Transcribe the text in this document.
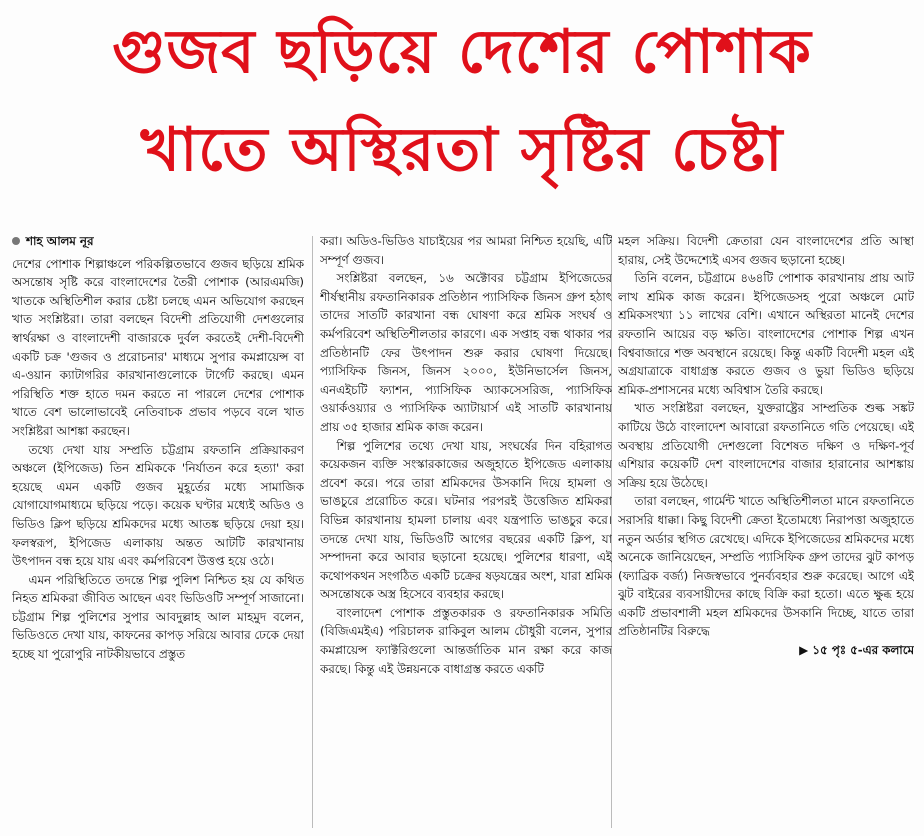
গুজব ছড়িয়ে দেশের পোশাক
খাতে অস্থিরতা সৃষ্টির চেষ্টা
শাহ আলম নূর

দেশের পোশাক শিল্পাঞ্চলে পরিকল্পিতভাবে গুজব ছড়িয়ে শ্রমিক অসন্তোষ সৃষ্টি করে বাংলাদেশের তৈরী পোশাক (আরএমজি) খাতকে অস্থিতিশীল করার চেষ্টা চলছে এমন অভিযোগ করছেন খাত সংশ্লিষ্টরা। তারা বলছেন বিদেশী প্রতিযোগী দেশগুলোর স্বার্থরক্ষা ও বাংলাদেশী বাজারকে দুর্বল করতেই দেশী-বিদেশী একটি চক্র 'গুজব ও প্ররোচনার' মাধ্যমে সুপার কমপ্লায়েন্স বা এ-ওয়ান ক্যাটাগরির কারখানাগুলোকে টার্গেট করছে। এমন পরিস্থিতি শক্ত হাতে দমন করতে না পারলে দেশের পোশাক খাতে বেশ ভালোভাবেই নেতিবাচক প্রভাব পড়বে বলে খাত সংশ্লিষ্টরা আশঙ্কা করছেন।

তথ্যে দেখা যায় সম্প্রতি চট্টগ্রাম রফতানি প্রক্রিয়াকরণ অঞ্চলে (ইপিজেড) তিন শ্রমিককে 'নির্যাতন করে হত্যা' করা হয়েছে এমন একটি গুজব মুহূর্তের মধ্যে সামাজিক যোগাযোগমাধ্যমে ছড়িয়ে পড়ে। কয়েক ঘণ্টার মধ্যেই অডিও ও ভিডিও ক্লিপ ছড়িয়ে শ্রমিকদের মধ্যে আতঙ্ক ছড়িয়ে দেয়া হয়। ফলস্বরূপ, ইপিজেড এলাকায় অন্তত আটটি কারখানায় উৎপাদন বন্ধ হয়ে যায় এবং কর্মপরিবেশ উত্তপ্ত হয়ে ওঠে।

এমন পরিস্থিতিতে তদন্তে শিল্প পুলিশ নিশ্চিত হয় যে কথিত নিহত শ্রমিকরা জীবিত আছেন এবং ভিডিওটি সম্পূর্ণ সাজানো। চট্টগ্রাম শিল্প পুলিশের সুপার আবদুল্লাহ আল মাহমুদ বলেন, ভিডিওতে দেখা যায়, কাফনের কাপড় সরিয়ে আবার ঢেকে দেয়া হচ্ছে যা পুরোপুরি নাটকীয়ভাবে প্রস্তুত

করা। অডিও-ভিডিও যাচাইয়ের পর আমরা নিশ্চিত হয়েছি, এটি সম্পূর্ণ গুজব।

সংশ্লিষ্টরা বলছেন, ১৬ অক্টোবর চট্টগ্রাম ইপিজেডের শীর্ষস্থানীয় রফতানিকারক প্রতিষ্ঠান প্যাসিফিক জিনস গ্রুপ হঠাৎ তাদের সাতটি কারখানা বন্ধ ঘোষণা করে শ্রমিক সংঘর্ষ ও কর্মপরিবেশ অস্থিতিশীলতার কারণে। এক সপ্তাহ বন্ধ থাকার পর প্রতিষ্ঠানটি ফের উৎপাদন শুরু করার ঘোষণা দিয়েছে। প্যাসিফিক জিনস, জিনস ২০০০, ইউনিভার্সেল জিনস, এনএইচটি ফ্যাশন, প্যাসিফিক অ্যাকসেসরিজ, প্যাসিফিক ওয়ার্কওয়্যার ও প্যাসিফিক অ্যাটায়ার্স এই সাতটি কারখানায় প্রায় ৩৫ হাজার শ্রমিক কাজ করেন।

শিল্প পুলিশের তথ্যে দেখা যায়, সংঘর্ষের দিন বহিরাগত কয়েকজন ব্যক্তি সংস্কারকাজের অজুহাতে ইপিজেড এলাকায় প্রবেশ করে। পরে তারা শ্রমিকদের উসকানি দিয়ে হামলা ও ভাঙচুরে প্ররোচিত করে। ঘটনার পরপরই উত্তেজিত শ্রমিকরা বিভিন্ন কারখানায় হামলা চালায় এবং যন্ত্রপাতি ভাঙচুর করে। তদন্তে দেখা যায়, ভিডিওটি আগের বছরের একটি ক্লিপ, যা সম্পাদনা করে আবার ছড়ানো হয়েছে। পুলিশের ধারণা, এই কথোপকথন সংগঠিত একটি চক্রের ষড়যন্ত্রের অংশ, যারা শ্রমিক অসন্তোষকে অস্ত্র হিসেবে ব্যবহার করছে।

বাংলাদেশ পোশাক প্রস্তুতকারক ও রফতানিকারক সমিতি (বিজিএমইএ) পরিচালক রাকিবুল আলম চৌধুরী বলেন, সুপার কমপ্লায়েন্স ফ্যাক্টরিগুলো আন্তর্জাতিক মান রক্ষা করে কাজ করছে। কিন্তু এই উন্নয়নকে বাধাগ্রস্ত করতে একটি

মহল সক্রিয়। বিদেশী ক্রেতারা যেন বাংলাদেশের প্রতি আস্থা হারায়, সেই উদ্দেশ্যেই এসব গুজব ছড়ানো হচ্ছে।

তিনি বলেন, চট্টগ্রামে ৪৬৪টি পোশাক কারখানায় প্রায় আট লাখ শ্রমিক কাজ করেন। ইপিজেডসহ পুরো অঞ্চলে মোট শ্রমিকসংখ্যা ১১ লাখের বেশি। এখানে অস্থিরতা মানেই দেশের রফতানি আয়ের বড় ক্ষতি। বাংলাদেশের পোশাক শিল্প এখন বিশ্ববাজারে শক্ত অবস্থানে রয়েছে। কিন্তু একটি বিদেশী মহল এই অগ্রযাত্রাকে বাধাগ্রস্ত করতে গুজব ও ভুয়া ভিডিও ছড়িয়ে শ্রমিক-প্রশাসনের মধ্যে অবিশ্বাস তৈরি করছে।

খাত সংশ্লিষ্টরা বলছেন, যুক্তরাষ্ট্রের সাম্প্রতিক শুল্ক সঙ্কট কাটিয়ে উঠে বাংলাদেশ আবারো রফতানিতে গতি পেয়েছে। এই অবস্থায় প্রতিযোগী দেশগুলো বিশেষত দক্ষিণ ও দক্ষিণ-পূর্ব এশিয়ার কয়েকটি দেশ বাংলাদেশের বাজার হারানোর আশঙ্কায় সক্রিয় হয়ে উঠেছে।

তারা বলছেন, গার্মেন্ট খাতে অস্থিতিশীলতা মানে রফতানিতে সরাসরি ধাক্কা। কিছু বিদেশী ক্রেতা ইতোমধ্যে নিরাপত্তা অজুহাতে নতুন অর্ডার স্থগিত রেখেছে। এদিকে ইপিজেডের শ্রমিকদের মধ্যে অনেকে জানিয়েছেন, সম্প্রতি প্যাসিফিক গ্রুপ তাদের ঝুট কাপড় (ফ্যাব্রিক বর্জ্য) নিজস্বভাবে পুনর্ব্যবহার শুরু করেছে। আগে এই ঝুট বাইরের ব্যবসায়ীদের কাছে বিক্রি করা হতো। এতে ক্ষুব্ধ হয়ে একটি প্রভাবশালী মহল শ্রমিকদের উসকানি দিচ্ছে, যাতে তারা প্রতিষ্ঠানটির বিরুদ্ধে

▶ ১৫ পৃঃ ৫-এর কলামে
